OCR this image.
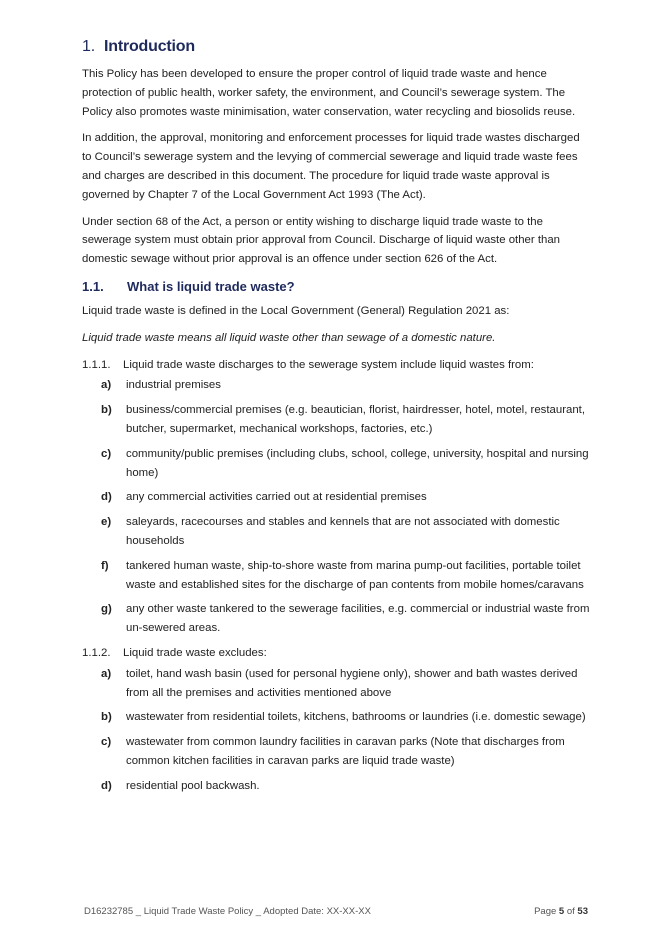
1. Introduction

This Policy has been developed to ensure the proper control of liquid trade waste and hence protection of public health, worker safety, the environment, and Council’s sewerage system. The Policy also promotes waste minimisation, water conservation, water recycling and biosolids reuse.

In addition, the approval, monitoring and enforcement processes for liquid trade wastes discharged to Council’s sewerage system and the levying of commercial sewerage and liquid trade waste fees and charges are described in this document. The procedure for liquid trade waste approval is governed by Chapter 7 of the Local Government Act 1993 (The Act).

Under section 68 of the Act, a person or entity wishing to discharge liquid trade waste to the sewerage system must obtain prior approval from Council. Discharge of liquid waste other than domestic sewage without prior approval is an offence under section 626 of the Act.

1.1. What is liquid trade waste?

Liquid trade waste is defined in the Local Government (General) Regulation 2021 as:

Liquid trade waste means all liquid waste other than sewage of a domestic nature.

1.1.1. Liquid trade waste discharges to the sewerage system include liquid wastes from:
a) industrial premises
b) business/commercial premises (e.g. beautician, florist, hairdresser, hotel, motel, restaurant, butcher, supermarket, mechanical workshops, factories, etc.)
c) community/public premises (including clubs, school, college, university, hospital and nursing home)
d) any commercial activities carried out at residential premises
e) saleyards, racecourses and stables and kennels that are not associated with domestic households
f) tankered human waste, ship-to-shore waste from marina pump-out facilities, portable toilet waste and established sites for the discharge of pan contents from mobile homes/caravans
g) any other waste tankered to the sewerage facilities, e.g. commercial or industrial waste from un-sewered areas.
1.1.2. Liquid trade waste excludes:
a) toilet, hand wash basin (used for personal hygiene only), shower and bath wastes derived from all the premises and activities mentioned above
b) wastewater from residential toilets, kitchens, bathrooms or laundries (i.e. domestic sewage)
c) wastewater from common laundry facilities in caravan parks (Note that discharges from common kitchen facilities in caravan parks are liquid trade waste)
d) residential pool backwash.
D16232785 _ Liquid Trade Waste Policy _ Adopted Date: XX-XX-XX	Page 5 of 53
